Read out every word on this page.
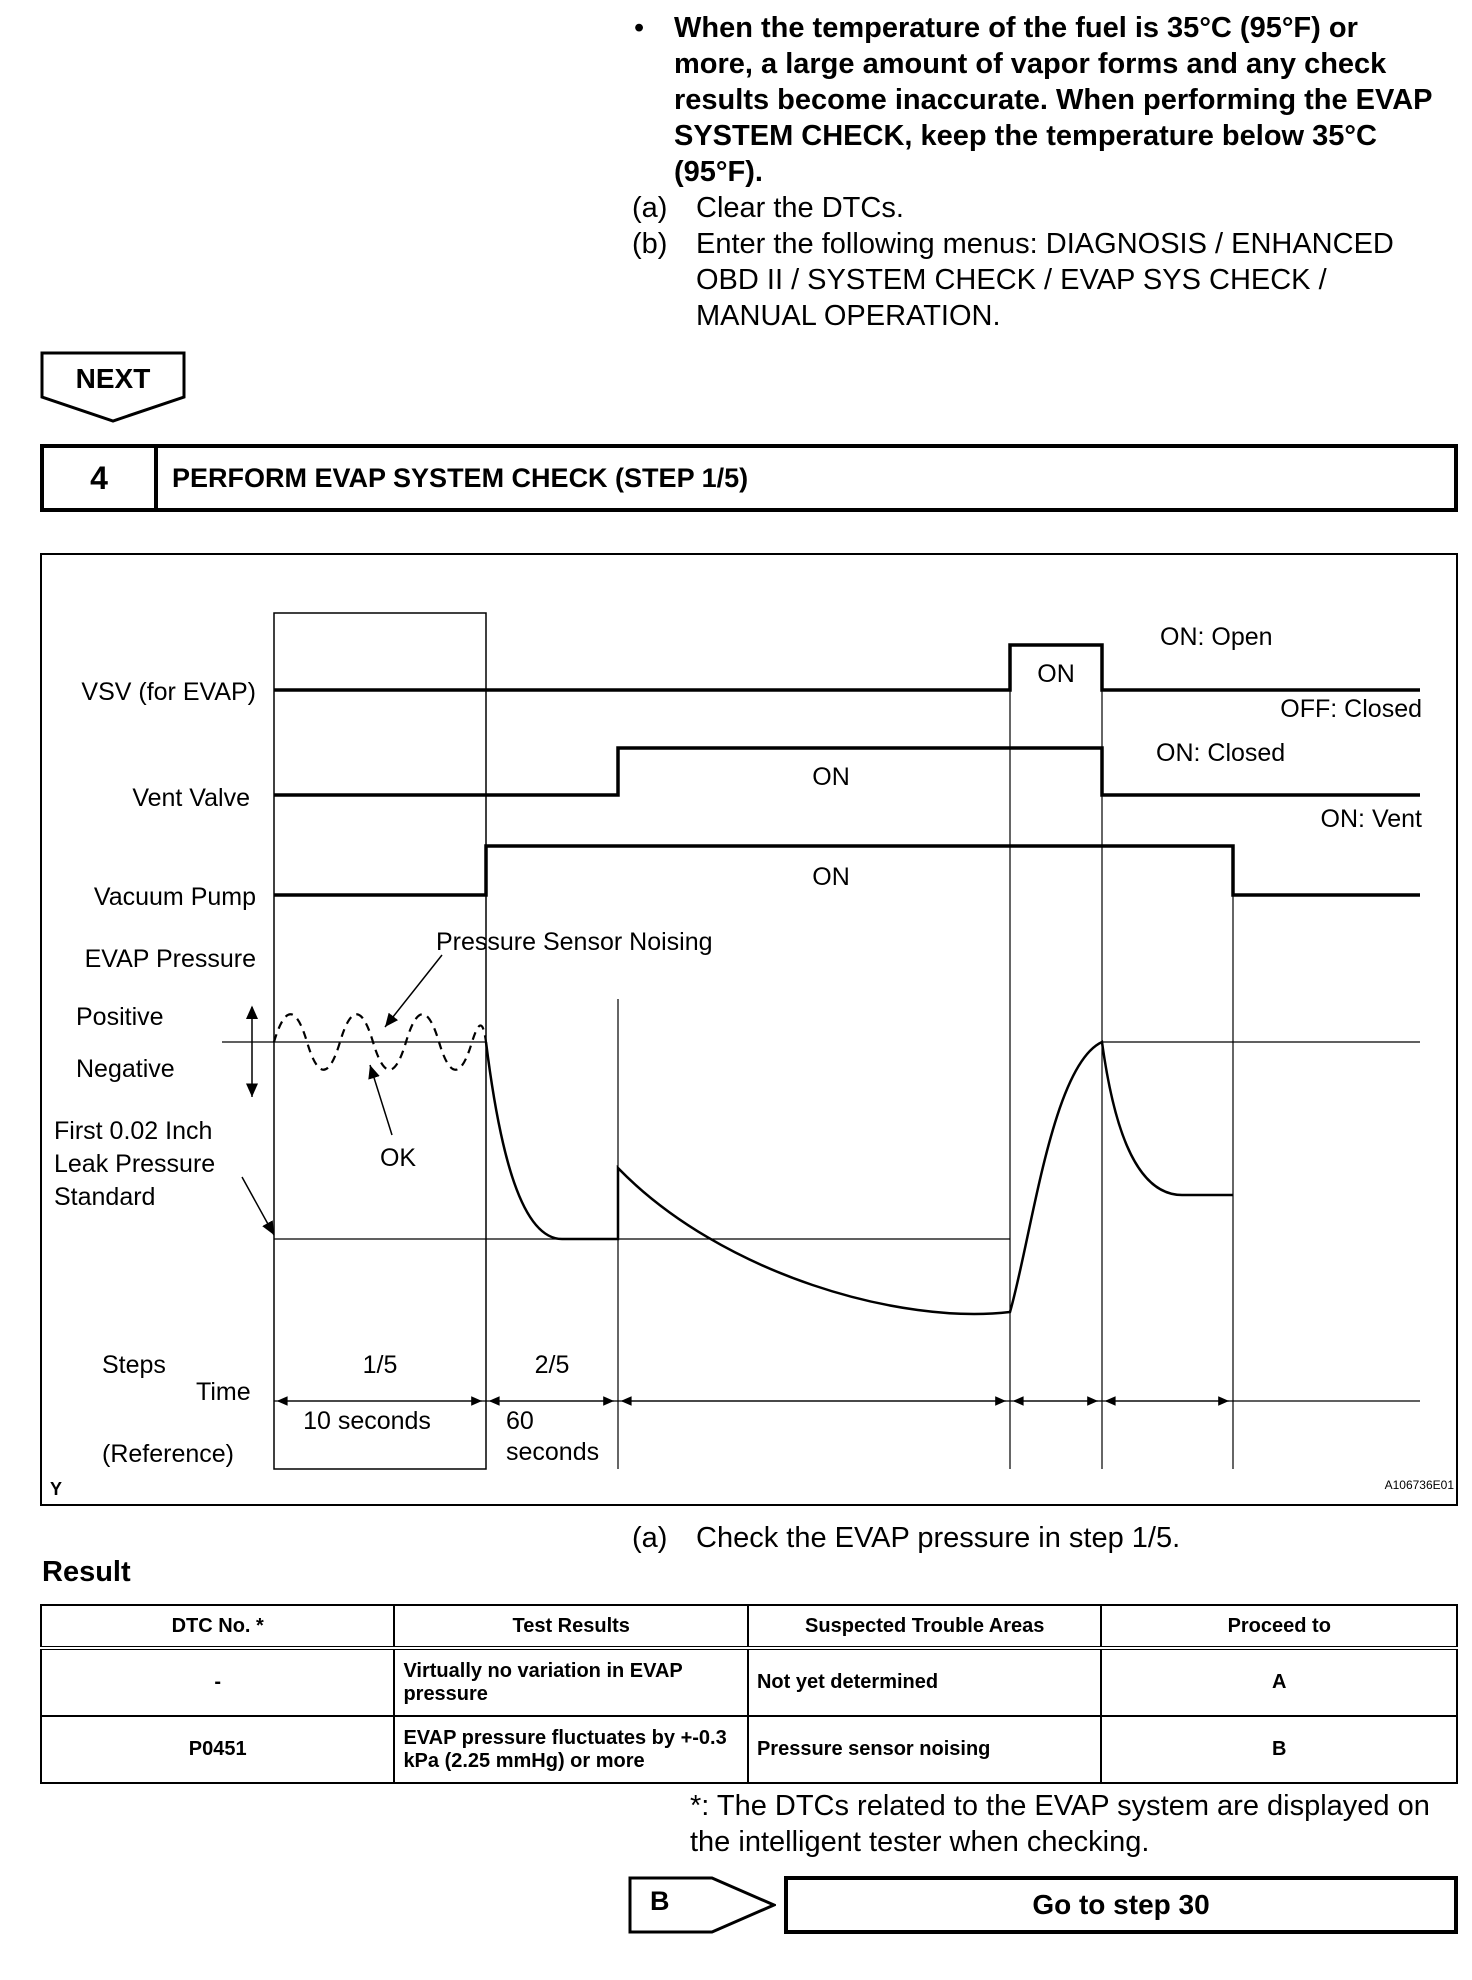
•	When the temperature of the fuel is 35°C (95°F) or more, a large amount of vapor forms and any check results become inaccurate. When performing the EVAP SYSTEM CHECK, keep the temperature below 35°C (95°F).
(a) Clear the DTCs.
(b) Enter the following menus: DIAGNOSIS / ENHANCED OBD II / SYSTEM CHECK / EVAP SYS CHECK / MANUAL OPERATION.
NEXT
4	PERFORM EVAP SYSTEM CHECK (STEP 1/5)
VSV (for EVAP)
Vent Valve
Vacuum Pump
EVAP Pressure
Positive
Negative
First 0.02 Inch
Leak Pressure
Standard
Steps
Time
(Reference)
ON: Open
OFF: Closed
ON: Closed
ON: Vent
ON
ON
ON
Pressure Sensor Noising
OK
1/5	2/5
10 seconds	60
seconds
Y	A106736E01
(a) Check the EVAP pressure in step 1/5.
Result
DTC No. *	Test Results	Suspected Trouble Areas	Proceed to
-	Virtually no variation in EVAP pressure	Not yet determined	A
P0451	EVAP pressure fluctuates by +-0.3 kPa (2.25 mmHg) or more	Pressure sensor noising	B
*: The DTCs related to the EVAP system are displayed on the intelligent tester when checking.
B	Go to step 30
